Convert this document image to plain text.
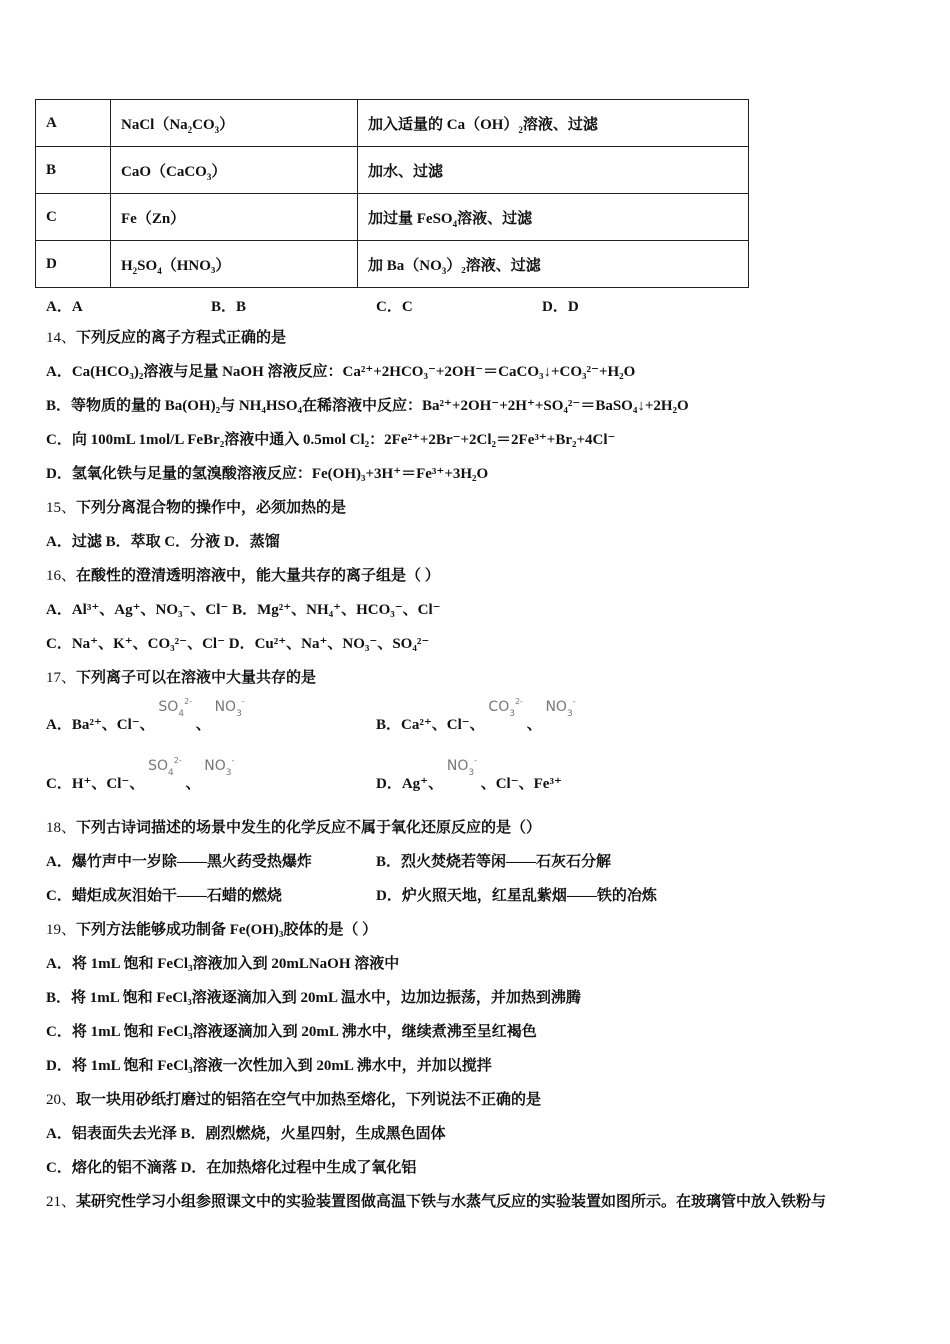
A	$NaCl(Na_2CO_3)$	加入适量的 $Ca(OH)_2$溶液、过滤
B	CaO（CaCO$_3$）	加水、过滤
C	Fe（Zn）	加过量 FeSO$_4$溶液、过滤
D	$H_2SO_4(HNO_3)$	加 $Ba(NO_3)_2$溶液、过滤
A．A	B．B	C．C	D．D
14、下列反应的离子方程式正确的是
A．Ca(HCO₃)₂溶液与足量 NaOH 溶液反应：Ca²⁺+2HCO₃⁻+2OH⁻＝CaCO₃↓+CO₃²⁻+H₂O
B．等物质的量的 Ba(OH)₂与 NH₄HSO₄在稀溶液中反应：Ba²⁺+2OH⁻+2H⁺+SO₄²⁻＝BaSO₄↓+2H₂O
C．向 100mL 1mol/L FeBr₂溶液中通入 0.5mol Cl₂：2Fe²⁺+2Br⁻+2Cl₂＝2Fe³⁺+Br₂+4Cl⁻
D．氢氧化铁与足量的氢溴酸溶液反应：Fe(OH)₃+3H⁺＝Fe³⁺+3H₂O
15、下列分离混合物的操作中，必须加热的是
A．过滤 B．萃取 C．分液 D．蒸馏
16、在酸性的澄清透明溶液中，能大量共存的离子组是（ ）
A．Al³⁺、Ag⁺、NO₃⁻、Cl⁻ B．Mg²⁺、NH₄⁺、HCO₃⁻、Cl⁻
C．Na⁺、K⁺、CO₃²⁻、Cl⁻ D．Cu²⁺、Na⁺、NO₃⁻、SO₄²⁻
17、下列离子可以在溶液中大量共存的是
A．Ba²⁺、Cl⁻、 $SO_4^{2-}$ 、 $NO_3^-$
B．Ca²⁺、Cl⁻、 $CO_3^{2-}$ 、 $NO_3^-$
C．H⁺、Cl⁻、 $SO_4^{2-}$ 、 $NO_3^-$
D．Ag⁺、 $NO_3^-$ 、Cl⁻、Fe³⁺
18、下列古诗词描述的场景中发生的化学反应不属于氧化还原反应的是（）
A．爆竹声中一岁除——黑火药受热爆炸	B．烈火焚烧若等闲——石灰石分解
C．蜡炬成灰泪始干——石蜡的燃烧	D．炉火照天地，红星乱紫烟——铁的冶炼
19、下列方法能够成功制备 Fe(OH)₃胶体的是（ ）
A．将 1mL 饱和 FeCl₃溶液加入到 20mLNaOH 溶液中
B．将 1mL 饱和 FeCl₃溶液逐滴加入到 20mL 温水中，边加边振荡，并加热到沸腾
C．将 1mL 饱和 FeCl₃溶液逐滴加入到 20mL 沸水中，继续煮沸至呈红褐色
D．将 1mL 饱和 FeCl₃溶液一次性加入到 20mL 沸水中，并加以搅拌
20、取一块用砂纸打磨过的铝箔在空气中加热至熔化，下列说法不正确的是
A．铝表面失去光泽 B．剧烈燃烧，火星四射，生成黑色固体
C．熔化的铝不滴落 D．在加热熔化过程中生成了氧化铝
21、某研究性学习小组参照课文中的实验装置图做高温下铁与水蒸气反应的实验装置如图所示。在玻璃管中放入铁粉与
